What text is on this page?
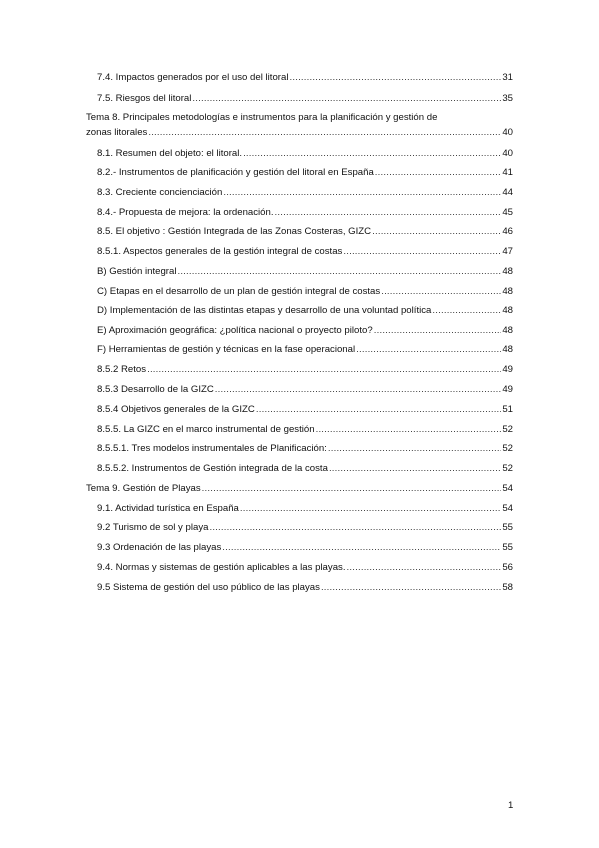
7.4. Impactos generados por el uso del litoral .....	31
7.5. Riesgos del litoral .....	35
Tema 8. Principales metodologías e instrumentos para la planificación y gestión de
zonas litorales .....	40
8.1. Resumen del objeto: el litoral. .....	40
8.2.- Instrumentos de planificación y gestión del litoral en España .....	41
8.3. Creciente concienciación .....	44
8.4.- Propuesta de mejora: la ordenación. .....	45
8.5. El objetivo : Gestión Integrada de las Zonas Costeras, GIZC .....	46
8.5.1. Aspectos generales de la gestión integral de costas .....	47
B) Gestión integral .....	48
C) Etapas en el desarrollo de un plan de gestión integral de costas .....	48
D) Implementación de las distintas etapas y desarrollo de una voluntad política .....	48
E) Aproximación geográfica: ¿política nacional o proyecto piloto? .....	48
F) Herramientas de gestión y técnicas en la fase operacional .....	48
8.5.2 Retos .....	49
8.5.3 Desarrollo de la GIZC .....	49
8.5.4 Objetivos generales de la GIZC .....	51
8.5.5. La GIZC en el marco instrumental de gestión .....	52
8.5.5.1. Tres modelos instrumentales de Planificación: .....	52
8.5.5.2. Instrumentos de Gestión integrada de la costa .....	52
Tema 9. Gestión de Playas .....	54
9.1. Actividad turística en España .....	54
9.2 Turismo de sol y playa .....	55
9.3 Ordenación de las playas .....	55
9.4. Normas y sistemas de gestión aplicables a las playas. .....	56
9.5 Sistema de gestión del uso público de las playas .....	58
1
